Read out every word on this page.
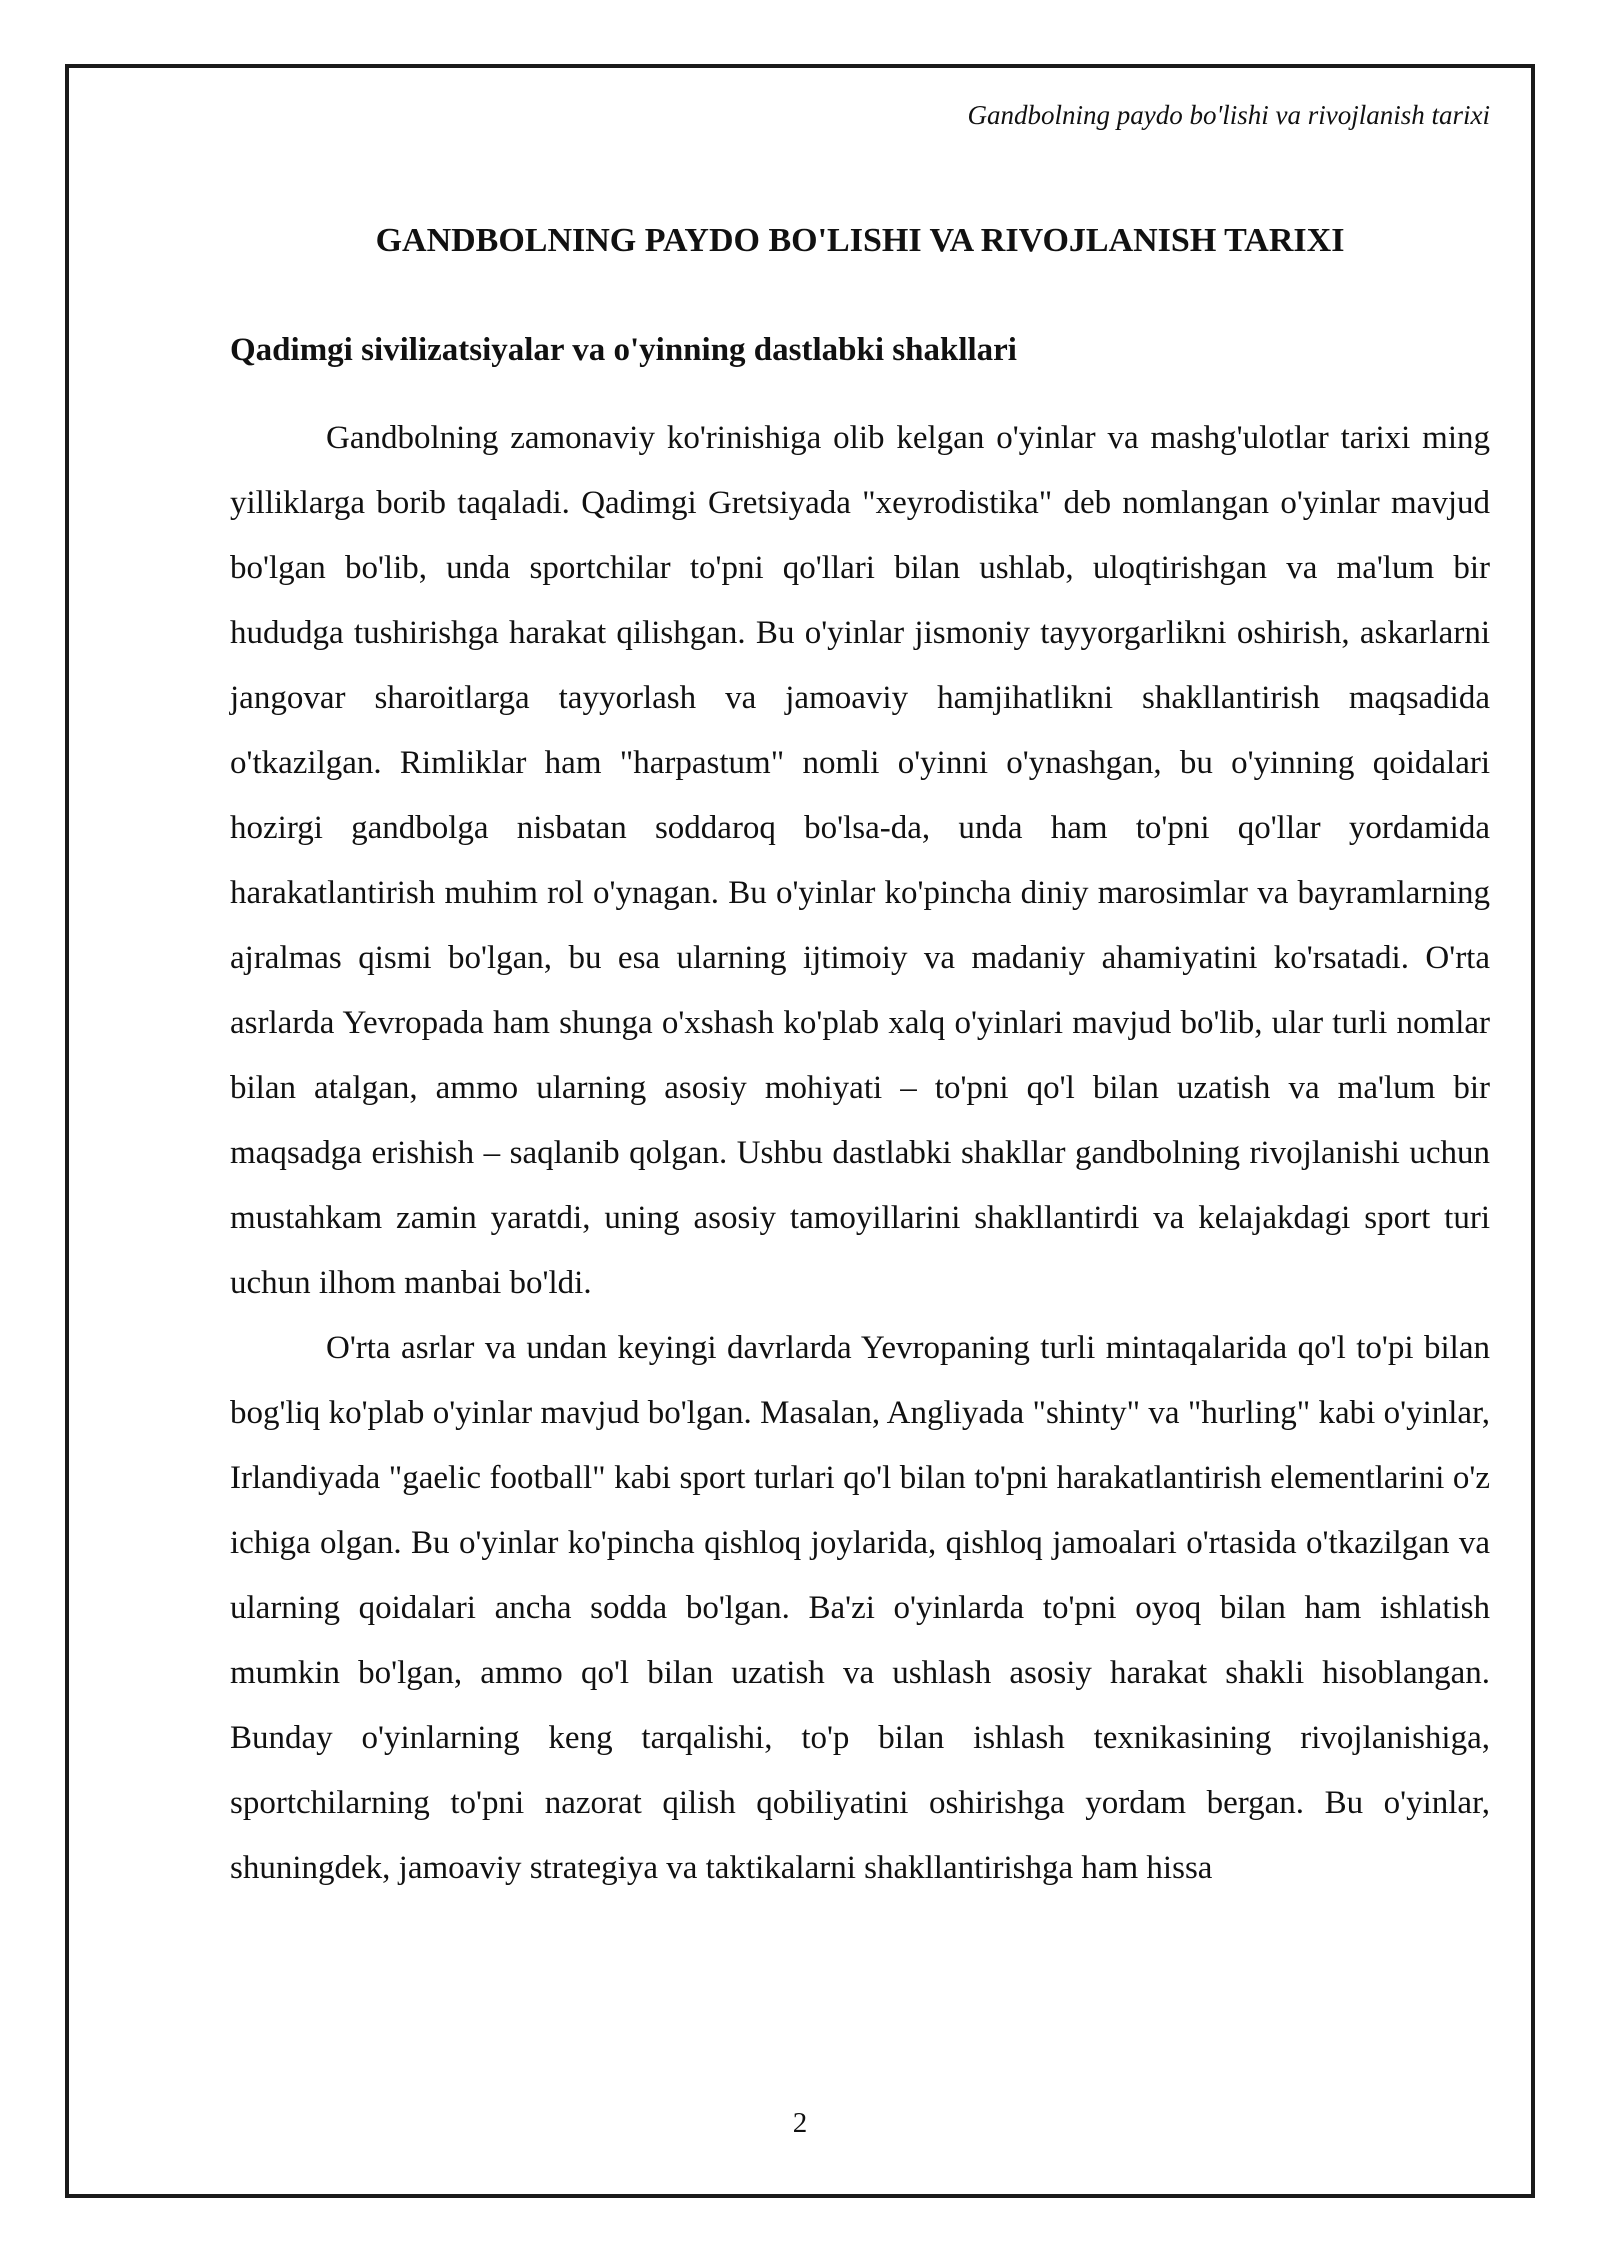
Gandbolning paydo bo'lishi va rivojlanish tarixi
GANDBOLNING PAYDO BO'LISHI VA RIVOJLANISH TARIXI
Qadimgi sivilizatsiyalar va o'yinning dastlabki shakllari

Gandbolning zamonaviy ko'rinishiga olib kelgan o'yinlar va mashg'ulotlar tarixi ming yilliklarga borib taqaladi. Qadimgi Gretsiyada "xeyrodistika" deb nomlangan o'yinlar mavjud bo'lgan bo'lib, unda sportchilar to'pni qo'llari bilan ushlab, uloqtirishgan va ma'lum bir hududga tushirishga harakat qilishgan. Bu o'yinlar jismoniy tayyorgarlikni oshirish, askarlarni jangovar sharoitlarga tayyorlash va jamoaviy hamjihatlikni shakllantirish maqsadida o'tkazilgan. Rimliklar ham "harpastum" nomli o'yinni o'ynashgan, bu o'yinning qoidalari hozirgi gandbolga nisbatan soddaroq bo'lsa-da, unda ham to'pni qo'llar yordamida harakatlantirish muhim rol o'ynagan. Bu o'yinlar ko'pincha diniy marosimlar va bayramlarning ajralmas qismi bo'lgan, bu esa ularning ijtimoiy va madaniy ahamiyatini ko'rsatadi. O'rta asrlarda Yevropada ham shunga o'xshash ko'plab xalq o'yinlari mavjud bo'lib, ular turli nomlar bilan atalgan, ammo ularning asosiy mohiyati – to'pni qo'l bilan uzatish va ma'lum bir maqsadga erishish – saqlanib qolgan. Ushbu dastlabki shakllar gandbolning rivojlanishi uchun mustahkam zamin yaratdi, uning asosiy tamoyillarini shakllantirdi va kelajakdagi sport turi uchun ilhom manbai bo'ldi.

O'rta asrlar va undan keyingi davrlarda Yevropaning turli mintaqalarida qo'l to'pi bilan bog'liq ko'plab o'yinlar mavjud bo'lgan. Masalan, Angliyada "shinty" va "hurling" kabi o'yinlar, Irlandiyada "gaelic football" kabi sport turlari qo'l bilan to'pni harakatlantirish elementlarini o'z ichiga olgan. Bu o'yinlar ko'pincha qishloq joylarida, qishloq jamoalari o'rtasida o'tkazilgan va ularning qoidalari ancha sodda bo'lgan. Ba'zi o'yinlarda to'pni oyoq bilan ham ishlatish mumkin bo'lgan, ammo qo'l bilan uzatish va ushlash asosiy harakat shakli hisoblangan. Bunday o'yinlarning keng tarqalishi, to'p bilan ishlash texnikasining rivojlanishiga, sportchilarning to'pni nazorat qilish qobiliyatini oshirishga yordam bergan. Bu o'yinlar, shuningdek, jamoaviy strategiya va taktikalarni shakllantirishga ham hissa

2
